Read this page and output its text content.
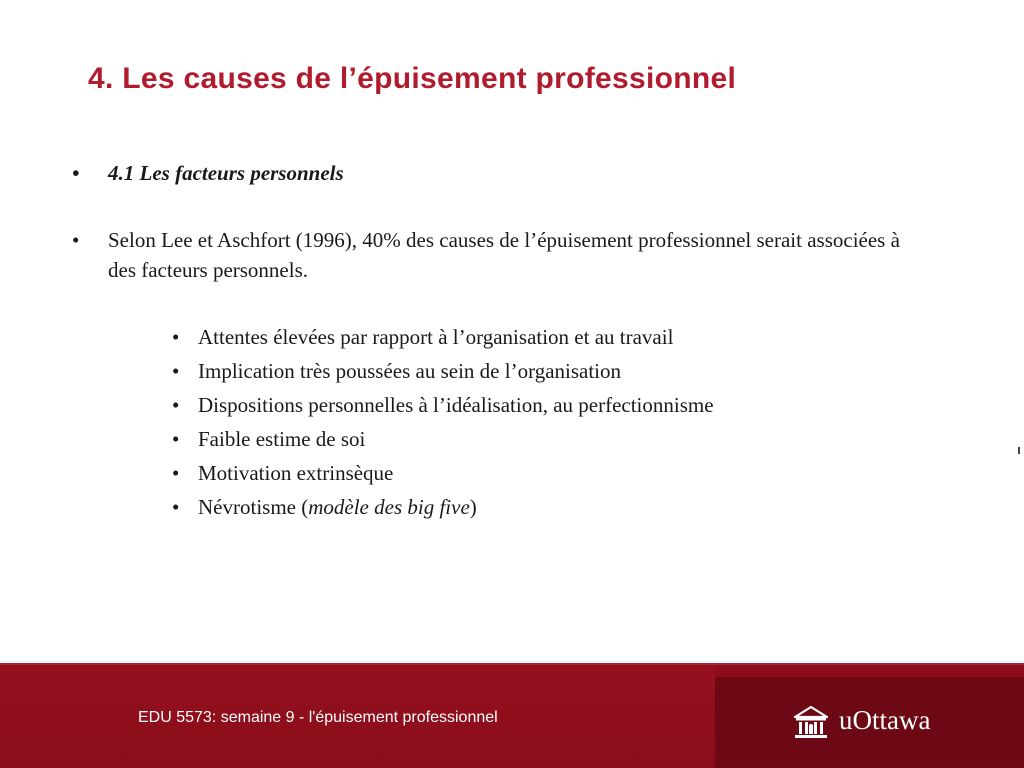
4. Les causes de l’épuisement professionnel
• 4.1 Les facteurs personnels
• Selon Lee et Aschfort (1996), 40% des causes de l’épuisement professionnel serait associées à des facteurs personnels.
• Attentes élevées par rapport à l’organisation et au travail
• Implication très poussées au sein de l’organisation
• Dispositions personnelles à l’idéalisation, au perfectionnisme
• Faible estime de soi
• Motivation extrinsèque
• Névrotisme (modèle des big five)
EDU 5573: semaine 9 - l'épuisement professionnel	uOttawa
